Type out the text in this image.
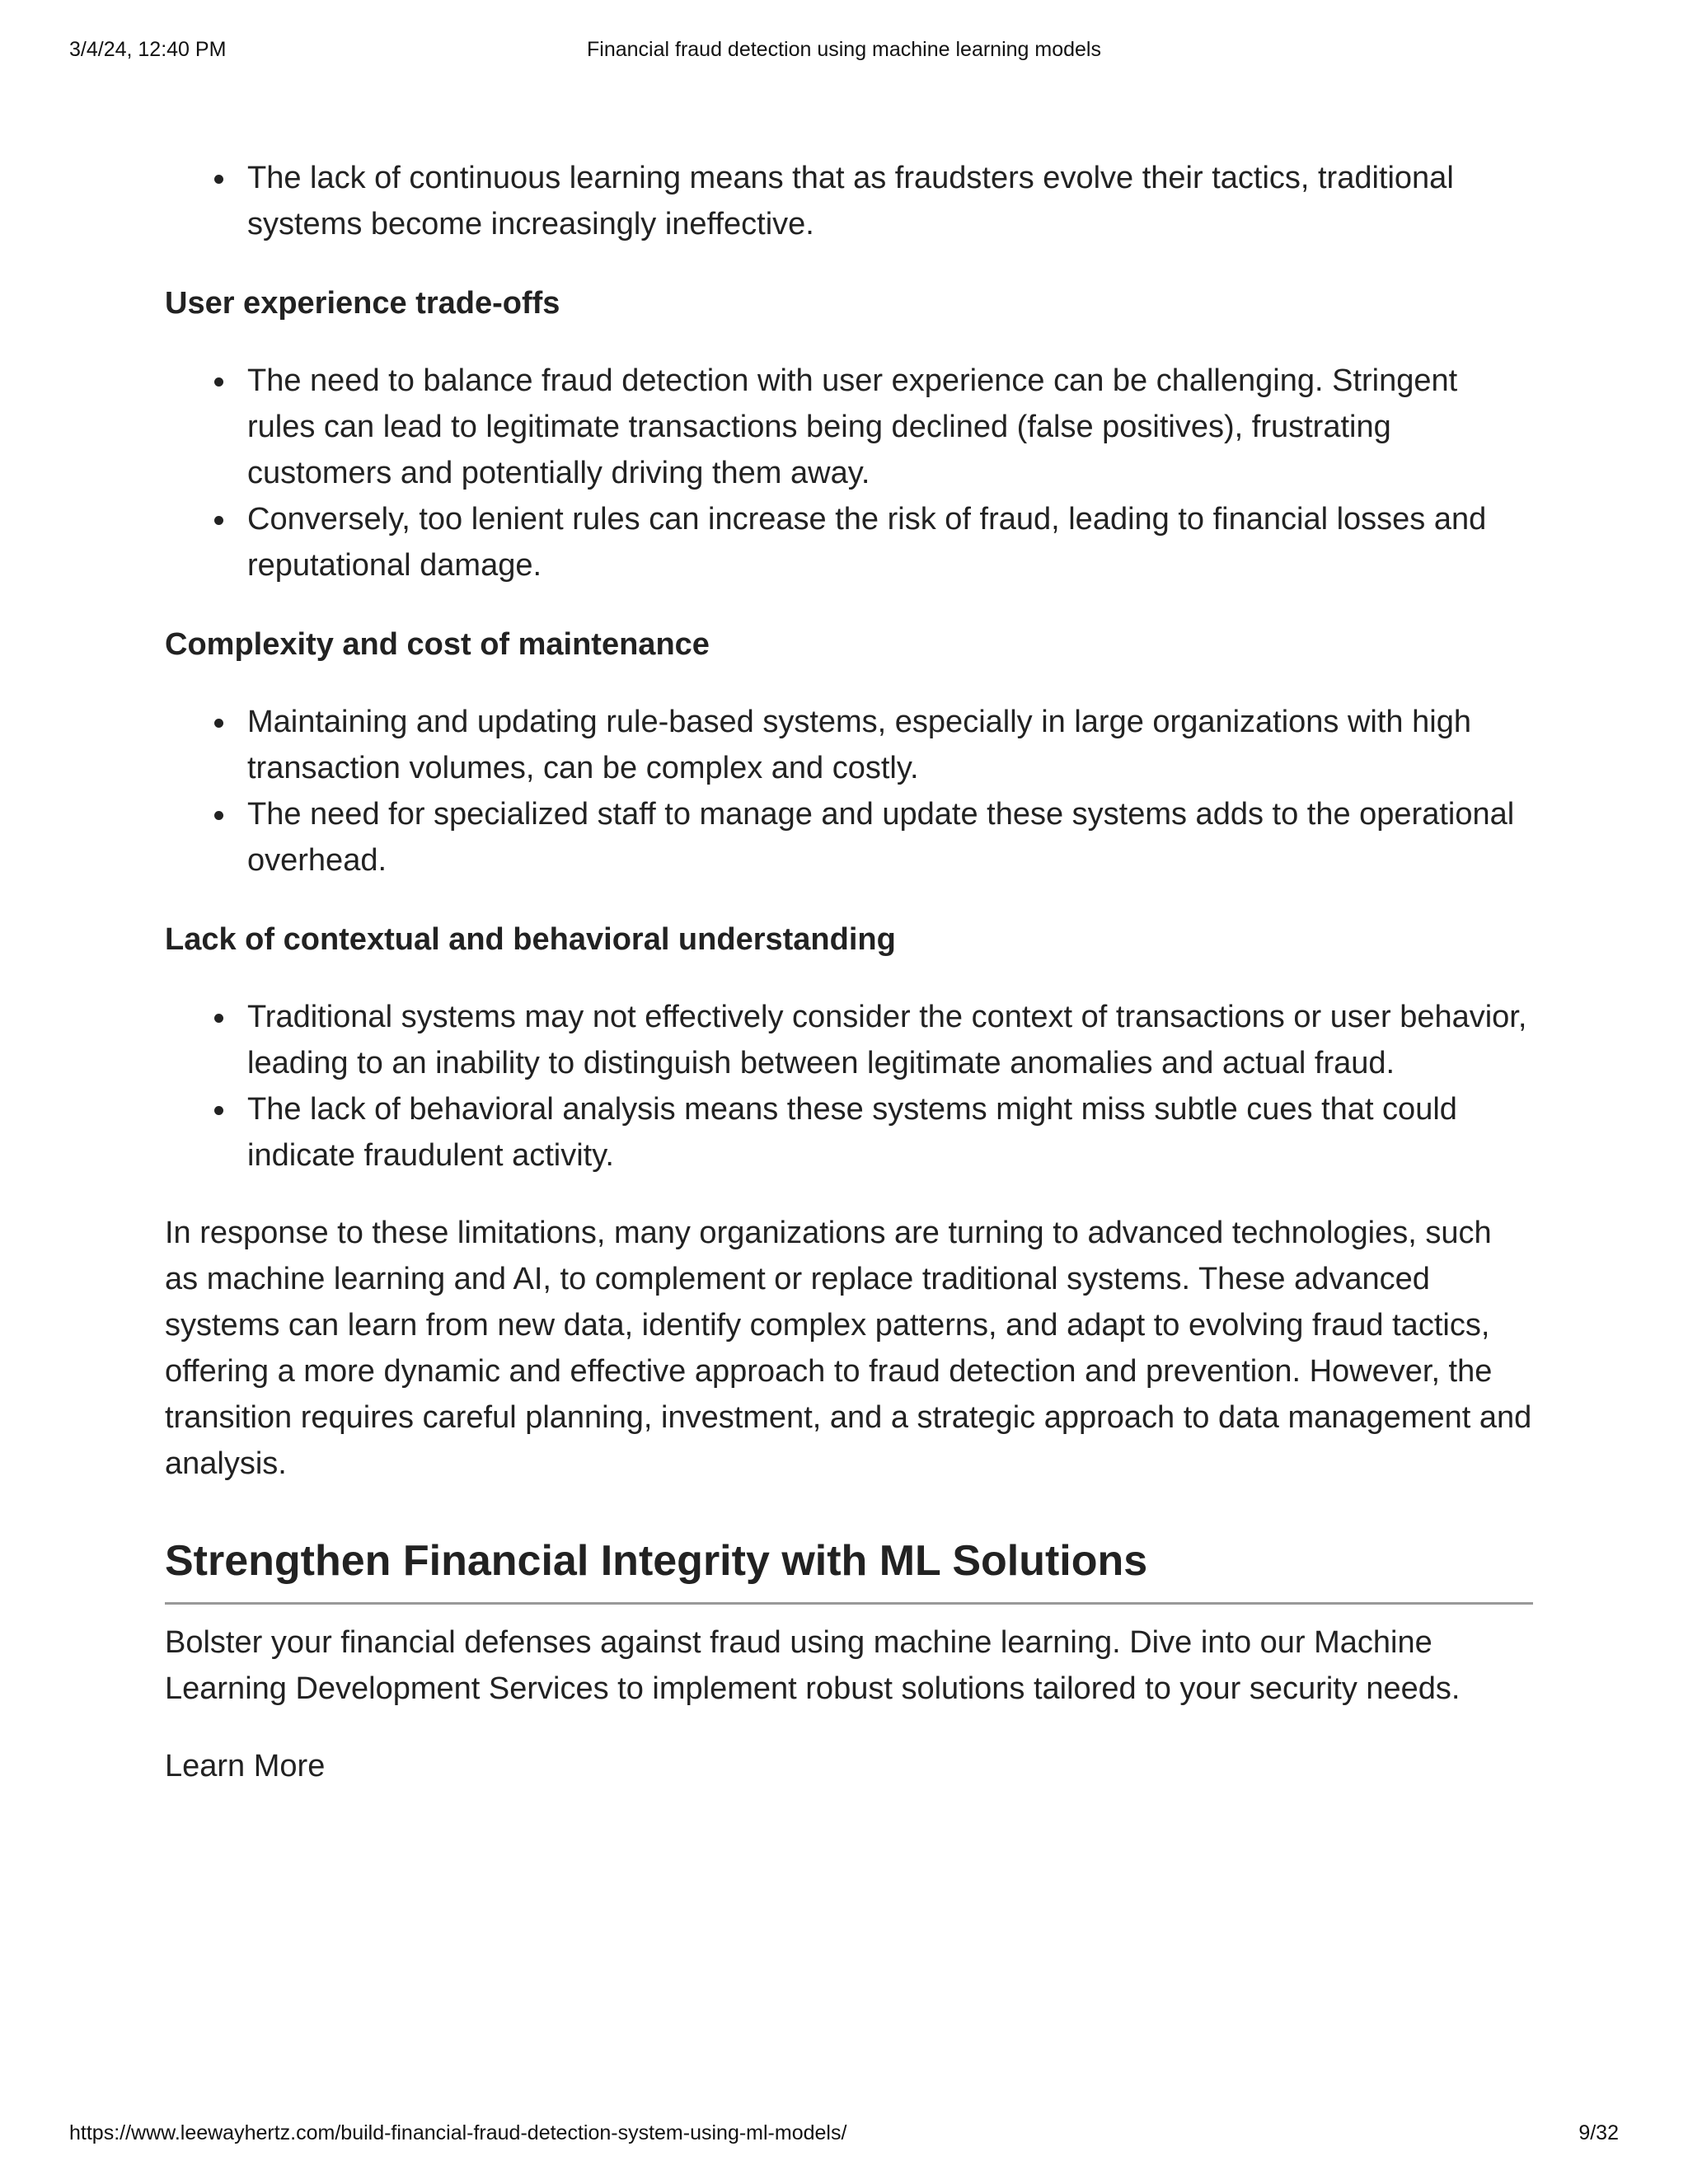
3/4/24, 12:40 PM	Financial fraud detection using machine learning models
The lack of continuous learning means that as fraudsters evolve their tactics, traditional systems become increasingly ineffective.
User experience trade-offs
The need to balance fraud detection with user experience can be challenging. Stringent rules can lead to legitimate transactions being declined (false positives), frustrating customers and potentially driving them away.
Conversely, too lenient rules can increase the risk of fraud, leading to financial losses and reputational damage.
Complexity and cost of maintenance
Maintaining and updating rule-based systems, especially in large organizations with high transaction volumes, can be complex and costly.
The need for specialized staff to manage and update these systems adds to the operational overhead.
Lack of contextual and behavioral understanding
Traditional systems may not effectively consider the context of transactions or user behavior, leading to an inability to distinguish between legitimate anomalies and actual fraud.
The lack of behavioral analysis means these systems might miss subtle cues that could indicate fraudulent activity.

In response to these limitations, many organizations are turning to advanced technologies, such as machine learning and AI, to complement or replace traditional systems. These advanced systems can learn from new data, identify complex patterns, and adapt to evolving fraud tactics, offering a more dynamic and effective approach to fraud detection and prevention. However, the transition requires careful planning, investment, and a strategic approach to data management and analysis.

Strengthen Financial Integrity with ML Solutions

Bolster your financial defenses against fraud using machine learning. Dive into our Machine Learning Development Services to implement robust solutions tailored to your security needs.

Learn More
https://www.leewayhertz.com/build-financial-fraud-detection-system-using-ml-models/	9/32
